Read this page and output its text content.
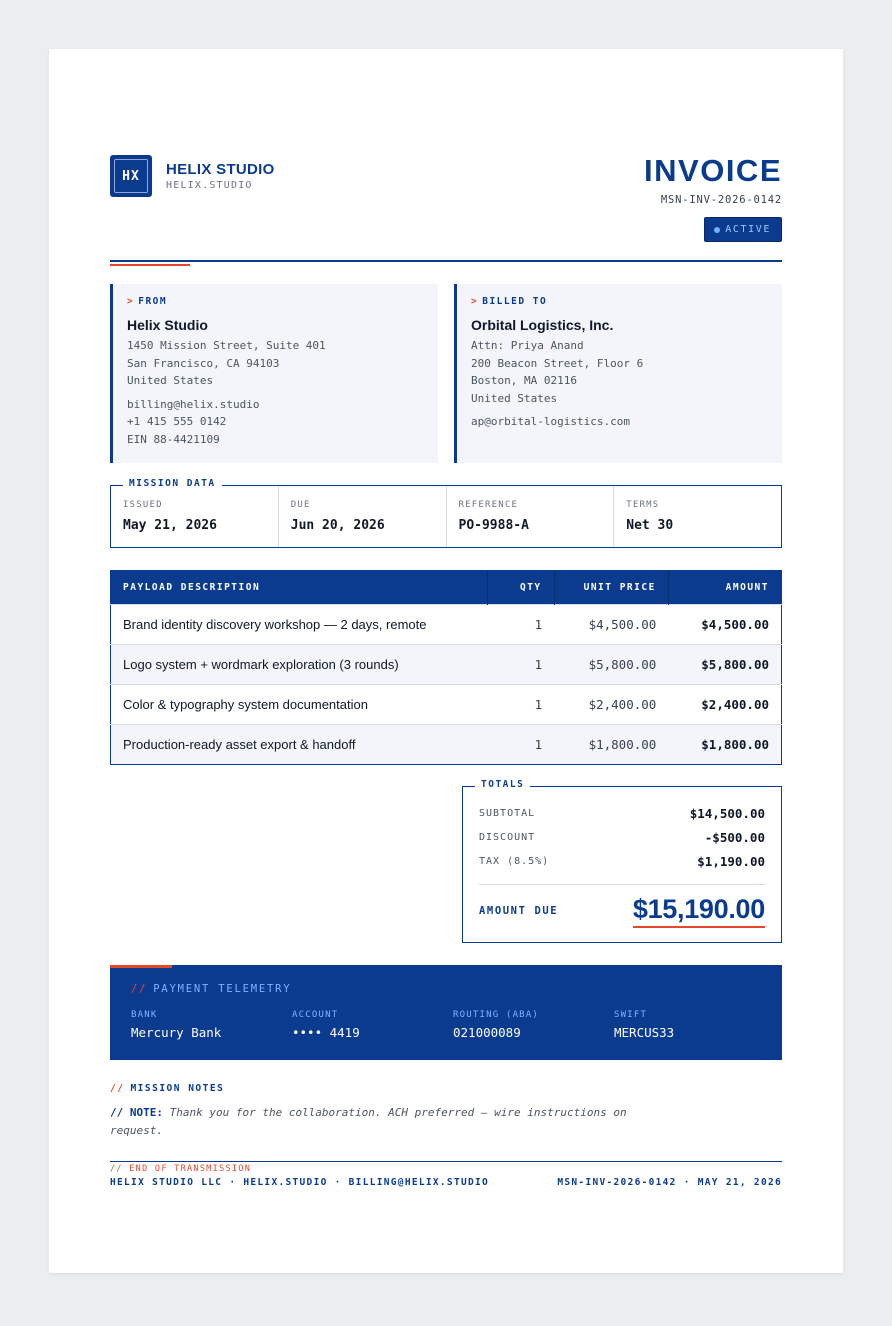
HX	HELIX STUDIO
HELIX.STUDIO	INVOICE
MSN-INV-2026-0142
ACTIVE
> FROM
Helix Studio
1450 Mission Street, Suite 401
San Francisco, CA 94103
United States
billing@helix.studio
+1 415 555 0142
EIN 88-4421109
> BILLED TO
Orbital Logistics, Inc.
Attn: Priya Anand
200 Beacon Street, Floor 6
Boston, MA 02116
United States
ap@orbital-logistics.com
ISSUED
May 21, 2026
DUE
Jun 20, 2026
REFERENCE
PO-9988-A
TERMS
Net 30
MISSION DATA
PAYLOAD DESCRIPTION	QTY	UNIT PRICE	AMOUNT
Brand identity discovery workshop — 2 days, remote	1	$4,500.00	$4,500.00
Logo system + wordmark exploration (3 rounds)	1	$5,800.00	$5,800.00
Color & typography system documentation	1	$2,400.00	$2,400.00
Production-ready asset export & handoff	1	$1,800.00	$1,800.00
SUBTOTAL	$14,500.00
DISCOUNT	-$500.00
TAX (8.5%)	$1,190.00
AMOUNT DUE	$15,190.00
TOTALS
// PAYMENT TELEMETRY
BANK
Mercury Bank
ACCOUNT
•••• 4419
ROUTING (ABA)
021000089
SWIFT
MERCUS33
// MISSION NOTES
// NOTE: Thank you for the collaboration. ACH preferred — wire instructions on request.
// END OF TRANSMISSION
HELIX STUDIO LLC · HELIX.STUDIO · BILLING@HELIX.STUDIO	MSN-INV-2026-0142 · MAY 21, 2026
